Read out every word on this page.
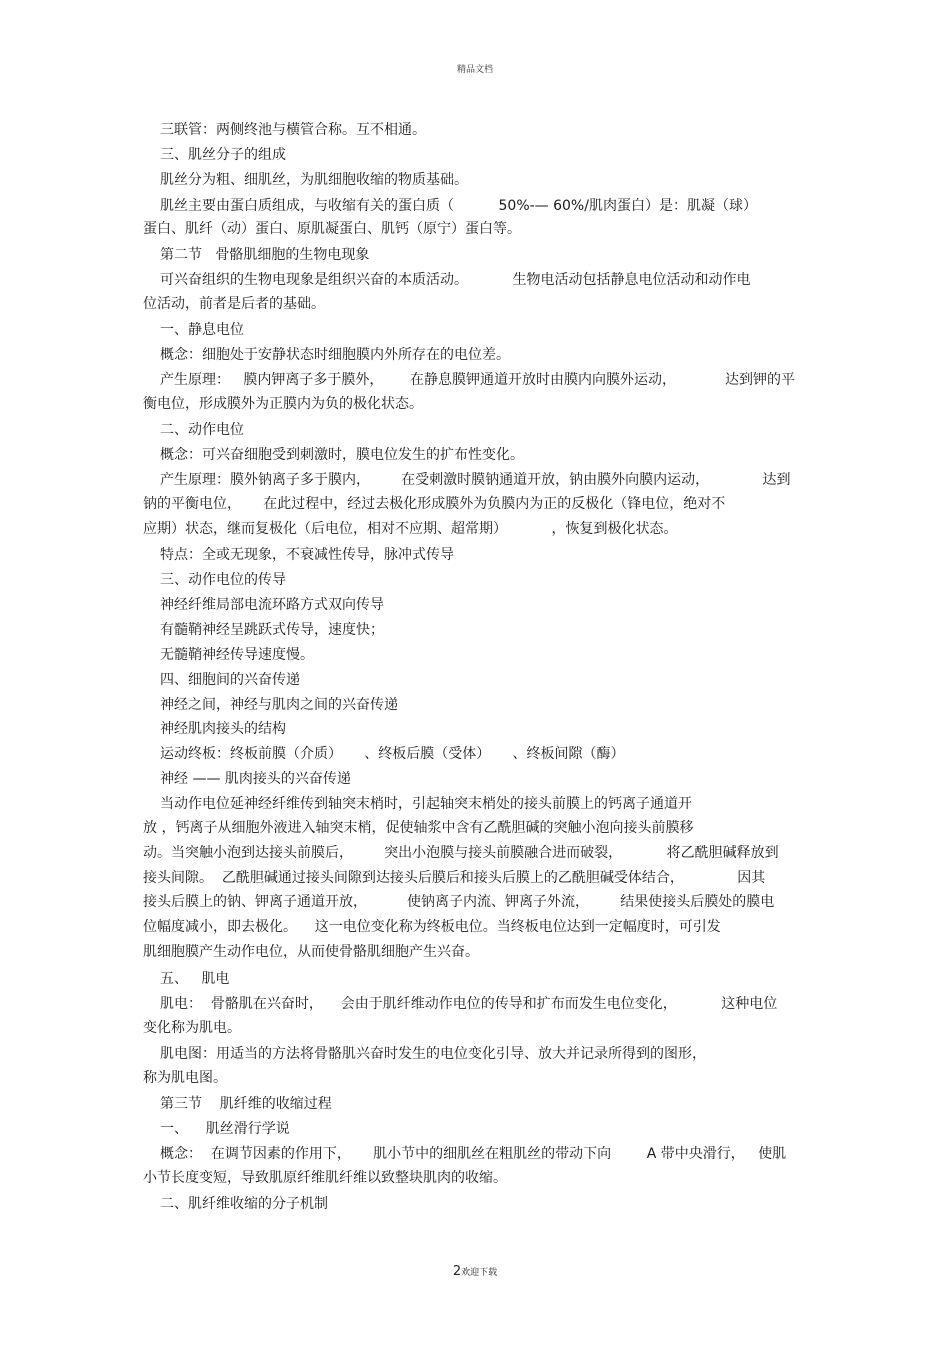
精品文档
三联管：两侧终池与横管合称。互不相通。
三、肌丝分子的组成
肌丝分为粗、细肌丝，为肌细胞收缩的物质基础。
肌丝主要由蛋白质组成，与收缩有关的蛋白质（          50%-— 60%/肌肉蛋白）是：肌凝（球）
蛋白、肌纤（动）蛋白、原肌凝蛋白、肌钙（原宁）蛋白等。
第二节   骨骼肌细胞的生物电现象
可兴奋组织的生物电现象是组织兴奋的本质活动。          生物电活动包括静息电位活动和动作电
位活动，前者是后者的基础。
一、静息电位
概念：细胞处于安静状态时细胞膜内外所存在的电位差。
产生原理：   膜内钾离子多于膜外，      在静息膜钾通道开放时由膜内向膜外运动，           达到钾的平
衡电位，形成膜外为正膜内为负的极化状态。
二、动作电位
概念：可兴奋细胞受到刺激时，膜电位发生的扩布性变化。
产生原理：膜外钠离子多于膜内，       在受刺激时膜钠通道开放，钠由膜外向膜内运动，            达到
钠的平衡电位，     在此过程中，经过去极化形成膜外为负膜内为正的反极化（锋电位，绝对不
应期）状态，继而复极化（后电位，相对不应期、超常期）          ，恢复到极化状态。
特点：全或无现象，不衰减性传导，脉冲式传导
三、动作电位的传导
神经纤维局部电流环路方式双向传导
有髓鞘神经呈跳跃式传导，速度快；
无髓鞘神经传导速度慢。
四、细胞间的兴奋传递
神经之间，神经与肌肉之间的兴奋传递
神经肌肉接头的结构
运动终板：终板前膜（介质）     、终板后膜（受体）     、终板间隙（酶）
神经 —— 肌肉接头的兴奋传递
当动作电位延神经纤维传到轴突末梢时，引起轴突末梢处的接头前膜上的钙离子通道开
放 ，钙离子从细胞外液进入轴突末梢，促使轴浆中含有乙酰胆碱的突触小泡向接头前膜移
动。当突触小泡到达接头前膜后，       突出小泡膜与接头前膜融合进而破裂，          将乙酰胆碱释放到
接头间隙。  乙酰胆碱通过接头间隙到达接头后膜后和接头后膜上的乙酰胆碱受体结合，            因其
接头后膜上的钠、钾离子通道开放，         使钠离子内流、钾离子外流，       结果使接头后膜处的膜电
位幅度减小，即去极化。    这一电位变化称为终板电位。当终板电位达到一定幅度时，可引发
肌细胞膜产生动作电位，从而使骨骼肌细胞产生兴奋。
五、   肌电
肌电：  骨骼肌在兴奋时，    会由于肌纤维动作电位的传导和扩布而发生电位变化，          这种电位
变化称为肌电。
肌电图：用适当的方法将骨骼肌兴奋时发生的电位变化引导、放大并记录所得到的图形，
称为肌电图。
第三节    肌纤维的收缩过程
一、    肌丝滑行学说
概念：  在调节因素的作用下，     肌小节中的细肌丝在粗肌丝的带动下向        A 带中央滑行，   使肌
小节长度变短，导致肌原纤维肌纤维以致整块肌肉的收缩。
二、肌纤维收缩的分子机制
2欢迎下载
